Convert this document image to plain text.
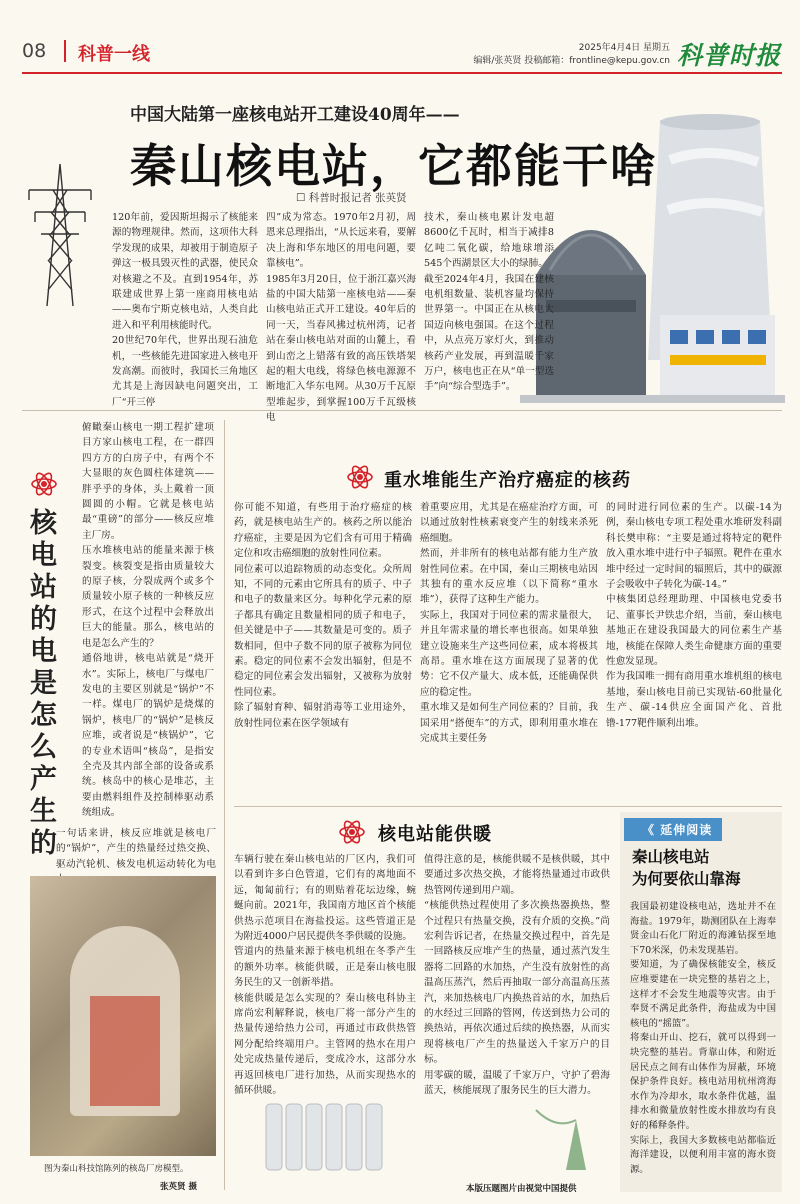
08 科普一线	2025年4月4日 星期五
编辑/张英贤 投稿邮箱：frontline@kepu.gov.cn 科普时报
中国大陆第一座核电站开工建设40周年——
秦山核电站，它都能干啥
☐ 科普时报记者 张英贤
120年前，爱因斯坦揭示了核能来源的物理规律。然而，这项伟大科学发现的成果，却被用于制造原子弹这一极具毁灭性的武器，使民众对核避之不及。直到1954年，苏联建成世界上第一座商用核电站——奥布宁斯克核电站，人类自此进入和平利用核能时代。
20世纪70年代，世界出现石油危机，一些核能先进国家进入核电开发高潮。而彼时，我国长三角地区尤其是上海因缺电问题突出，工厂“开三停
四”成为常态。1970年2月初，周恩来总理指出，“从长远来看，要解决上海和华东地区的用电问题，要靠核电”。
1985年3月20日，位于浙江嘉兴海盐的中国大陆第一座核电站——秦山核电站正式开工建设。40年后的同一天，当春风拂过杭州湾，记者站在秦山核电站对面的山麓上，看到山峦之上错落有致的高压铁塔架起的粗大电线，将绿色核电源源不断地汇入华东电网。从30万千瓦原型堆起步，到掌握100万千瓦级核电
技术，秦山核电累计发电超8600亿千瓦时，相当于减排8亿吨二氧化碳，给地球增添545个西湖景区大小的绿肺。
截至2024年4月，我国在建核电机组数量、装机容量均保持世界第一。中国正在从核电大国迈向核电强国。在这个过程中，从点亮万家灯火，到推动核药产业发展，再到温暖千家万户，核电也正在从“单一型选手”向“综合型选手”。
核电站的电是怎么产生的
俯瞰秦山核电一期工程扩建项目方家山核电工程，在一群四四方方的白房子中，有两个不大显眼的灰色圆柱体建筑——胖乎乎的身体，头上戴着一顶圆圆的小帽。它就是核电站最“重磅”的部分——核反应堆主厂房。
压水堆核电站的能量来源于核裂变。核裂变是指由质量较大的原子核，分裂成两个或多个质量较小原子核的一种核反应形式，在这个过程中会释放出巨大的能量。那么，核电站的电是怎么产生的？
通俗地讲，核电站就是“烧开水”。实际上，核电厂与煤电厂发电的主要区别就是“锅炉”不一样。煤电厂的锅炉是烧煤的锅炉，核电厂的“锅炉”是核反应堆，或者说是“核锅炉”，它的专业术语叫“核岛”，是指安全壳及其内部全部的设备或系统。核岛中的核心是堆芯，主要由燃料组件及控制棒驱动系统组成。
一句话来讲，核反应堆就是核电厂的“锅炉”，产生的热量经过热交换、驱动汽轮机、核发电机运动转化为电
图为秦山科技馆陈列的核岛厂房模型。
张英贤 摄
重水堆能生产治疗癌症的核药
你可能不知道，有些用于治疗癌症的核药，就是核电站生产的。核药之所以能治疗癌症，主要是因为它们含有可用于精确定位和攻击癌细胞的放射性同位素。
同位素可以追踪物质的动态变化。众所周知，不同的元素由它所具有的质子、中子和电子的数量来区分。每种化学元素的原子都具有确定且数量相同的质子和电子，但关键是中子——其数量是可变的。质子数相同，但中子数不同的原子被称为同位素。稳定的同位素不会发出辐射，但是不稳定的同位素会发出辐射，又被称为放射性同位素。
除了辐射育种、辐射消毒等工业用途外，放射性同位素在医学领域有
着重要应用，尤其是在癌症治疗方面，可以通过放射性核素衰变产生的射线来杀死癌细胞。
然而，并非所有的核电站都有能力生产放射性同位素。在中国，秦山三期核电站因其独有的重水反应堆（以下简称“重水堆”），获得了这种生产能力。
实际上，我国对于同位素的需求量很大，并且年需求量的增长率也很高。如果单独建立设施来生产这些同位素，成本将极其高昂。重水堆在这方面展现了显著的优势：它不仅产量大、成本低，还能确保供应的稳定性。
重水堆又是如何生产同位素的？目前，我国采用“搭便车”的方式，即利用重水堆在完成其主要任务
的同时进行同位素的生产。以碳-14为例，秦山核电专项工程处重水堆研发科副科长樊申称：“主要是通过将特定的靶件放入重水堆中进行中子辐照。靶件在重水堆中经过一定时间的辐照后，其中的碳源子会吸收中子转化为碳-14。”
中核集团总经理助理、中国核电党委书记、董事长尹铁忠介绍，当前，秦山核电基地正在建设我国最大的同位素生产基地，核能在保障人类生命健康方面的重要性愈发显现。
作为我国唯一拥有商用重水堆机组的核电基地，秦山核电目前已实现钴-60批量化生产、碳-14供应全面国产化、首批镥-177靶件顺利出堆。
核电站能供暖
车辆行驶在秦山核电站的厂区内，我们可以看到许多白色管道，它们有的离地面不远，匍匐前行；有的则贴着花坛边缘，蜿蜒向前。2021年，我国南方地区首个核能供热示范项目在海盐投运。这些管道正是为附近4000户居民提供冬季供暖的设施。
管道内的热量来源于核电机组在冬季产生的额外功率。核能供暖，正是秦山核电服务民生的又一创新举措。
核能供暖是怎么实现的？秦山核电科协主席尚宏利解释说，核电厂将一部分产生的热量传递给热力公司，再通过市政供热管网分配给终端用户。主管网的热水在用户处完成热量传递后，变成冷水，这部分水再返回核电厂进行加热，从而实现热水的循环供暖。
值得注意的是，核能供暖不是核供暖，其中要通过多次热交换，才能将热量通过市政供热管网传递到用户端。
“核能供热过程使用了多次换热器换热，整个过程只有热量交换，没有介质的交换。”尚宏利告诉记者，在热量交换过程中，首先是一回路核反应堆产生的热量，通过蒸汽发生器将二回路的水加热，产生没有放射性的高温高压蒸汽，然后再抽取一部分高温高压蒸汽，来加热核电厂内换热首站的水，加热后的水经过三回路的管网，传送到热力公司的换热站，再依次通过后续的换热器，从而实现将核电厂产生的热量送入千家万户的目标。
用零碳的暖，温暖了千家万户，守护了碧海蓝天，核能展现了服务民生的巨大潜力。
本版压题图片由视觉中国提供
《 延伸阅读
秦山核电站
为何要依山靠海
我国最初建设核电站，选址并不在海盐。1979年，勘测团队在上海奉贤金山石化厂附近的海滩钻探至地下70米深，仍未发现基岩。
要知道，为了确保核能安全，核反应堆要建在一块完整的基岩之上，这样才不会发生地震等灾害。由于奉贤不满足此条件，海盐成为中国核电的“摇篮”。
将秦山开山、挖石，就可以得到一块完整的基岩。背靠山体，和附近居民点之间有山体作为屏蔽，环境保护条件良好。核电站用杭州湾海水作为冷却水，取水条件优越，温排水和微量放射性废水排放均有良好的稀释条件。
实际上，我国大多数核电站都临近海洋建设，以便利用丰富的海水资源。
